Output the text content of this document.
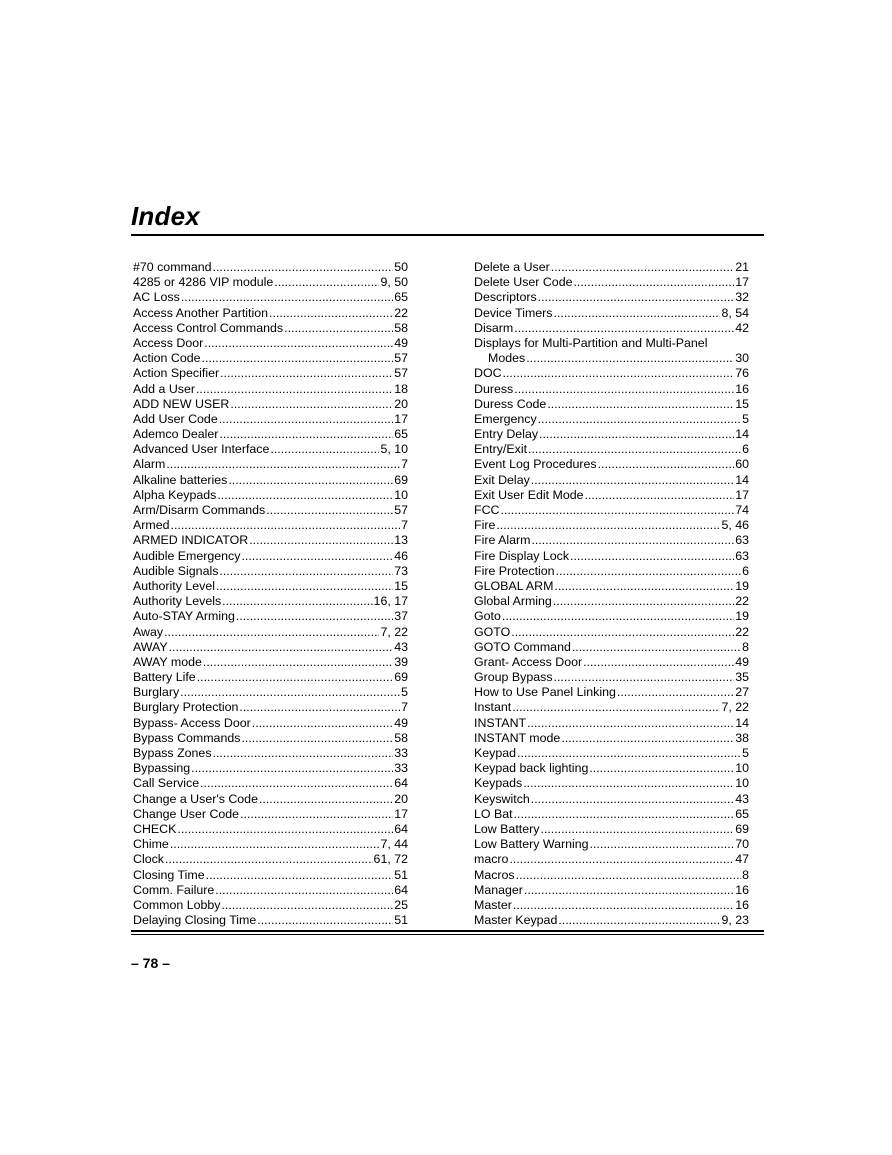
Index
#70 command .....	50
4285 or 4286 VIP module .....	9, 50
AC Loss .....	65
Access Another Partition .....	22
Access Control Commands .....	58
Access Door .....	49
Action Code .....	57
Action Specifier .....	57
Add a User .....	18
ADD NEW USER .....	20
Add User Code .....	17
Ademco Dealer .....	65
Advanced User Interface .....	5, 10
Alarm .....	7
Alkaline batteries .....	69
Alpha Keypads .....	10
Arm/Disarm Commands .....	57
Armed .....	7
ARMED INDICATOR .....	13
Audible Emergency .....	46
Audible Signals .....	73
Authority Level .....	15
Authority Levels .....	16, 17
Auto-STAY Arming .....	37
Away .....	7, 22
AWAY .....	43
AWAY mode .....	39
Battery Life .....	69
Burglary .....	5
Burglary Protection .....	7
Bypass- Access Door .....	49
Bypass Commands .....	58
Bypass Zones .....	33
Bypassing .....	33
Call Service .....	64
Change a User's Code .....	20
Change User Code .....	17
CHECK .....	64
Chime .....	7, 44
Clock .....	61, 72
Closing Time .....	51
Comm. Failure .....	64
Common Lobby .....	25
Delaying Closing Time .....	51
Delete a User .....	21
Delete User Code .....	17
Descriptors .....	32
Device Timers .....	8, 54
Disarm .....	42
Displays for Multi-Partition and Multi-Panel
Modes .....	30
DOC .....	76
Duress .....	16
Duress Code .....	15
Emergency .....	5
Entry Delay .....	14
Entry/Exit .....	6
Event Log Procedures .....	60
Exit Delay .....	14
Exit User Edit Mode .....	17
FCC .....	74
Fire .....	5, 46
Fire Alarm .....	63
Fire Display Lock .....	63
Fire Protection .....	6
GLOBAL ARM .....	19
Global Arming .....	22
Goto .....	19
GOTO .....	22
GOTO Command .....	8
Grant- Access Door .....	49
Group Bypass .....	35
How to Use Panel Linking .....	27
Instant .....	7, 22
INSTANT .....	14
INSTANT mode .....	38
Keypad .....	5
Keypad back lighting .....	10
Keypads .....	10
Keyswitch .....	43
LO Bat .....	65
Low Battery .....	69
Low Battery Warning .....	70
macro .....	47
Macros .....	8
Manager .....	16
Master .....	16
Master Keypad .....	9, 23
– 78 –
